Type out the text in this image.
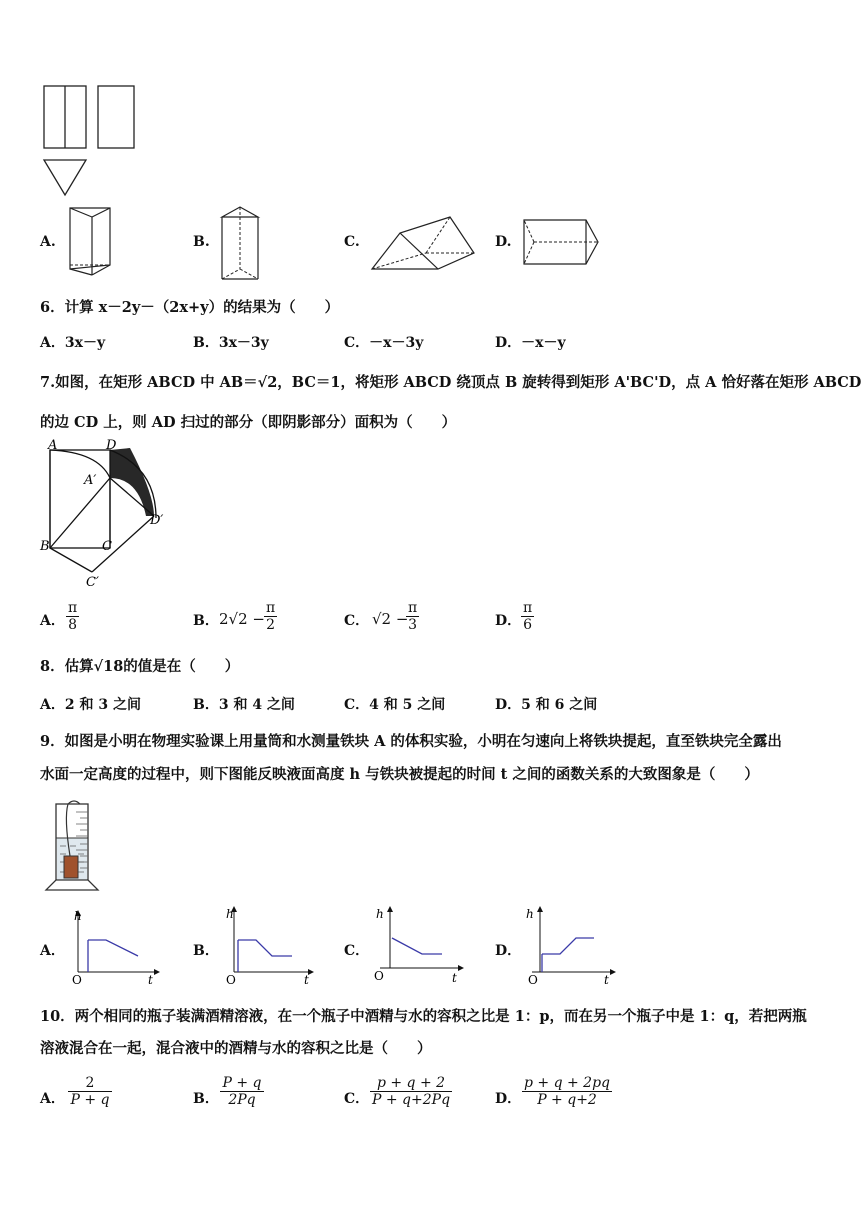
A.	B.	C.	D.
6．计算 x－2y－（2x+y）的结果为（　　）
A．3x－y	B．3x－3y	C．－x－3y	D．－x－y
7.如图，在矩形 ABCD 中 AB＝√2，BC＝1，将矩形 ABCD 绕顶点 B 旋转得到矩形 A'BC'D，点 A 恰好落在矩形 ABCD
的边 CD 上，则 AD 扫过的部分（即阴影部分）面积为（　　）
A	D
A′
D′
B	C
C′
A．
π
8	B． 2√2 −
π
2	C． √2 −
π
3	D．
π
6
8．估算√18的值是在（　　）
A．2 和 3 之间	B．3 和 4 之间	C．4 和 5 之间	D．5 和 6 之间
9．如图是小明在物理实验课上用量筒和水测量铁块 A 的体积实验，小明在匀速向上将铁块提起，直至铁块完全露出
水面一定高度的过程中，则下图能反映液面高度 h 与铁块被提起的时间 t 之间的函数关系的大致图象是（　　）
A．
h
t
O
B．
h
t
O
C．
h
t
O
D．
h
t
O
10．两个相同的瓶子装满酒精溶液，在一个瓶子中酒精与水的容积之比是 1：p，而在另一个瓶子中是 1：q，若把两瓶
溶液混合在一起，混合液中的酒精与水的容积之比是（　　）
A．
2
P + q	B．
P + q
2Pq	C．
p + q + 2
P + q+2Pq	D．
p + q + 2pq
P + q+2
